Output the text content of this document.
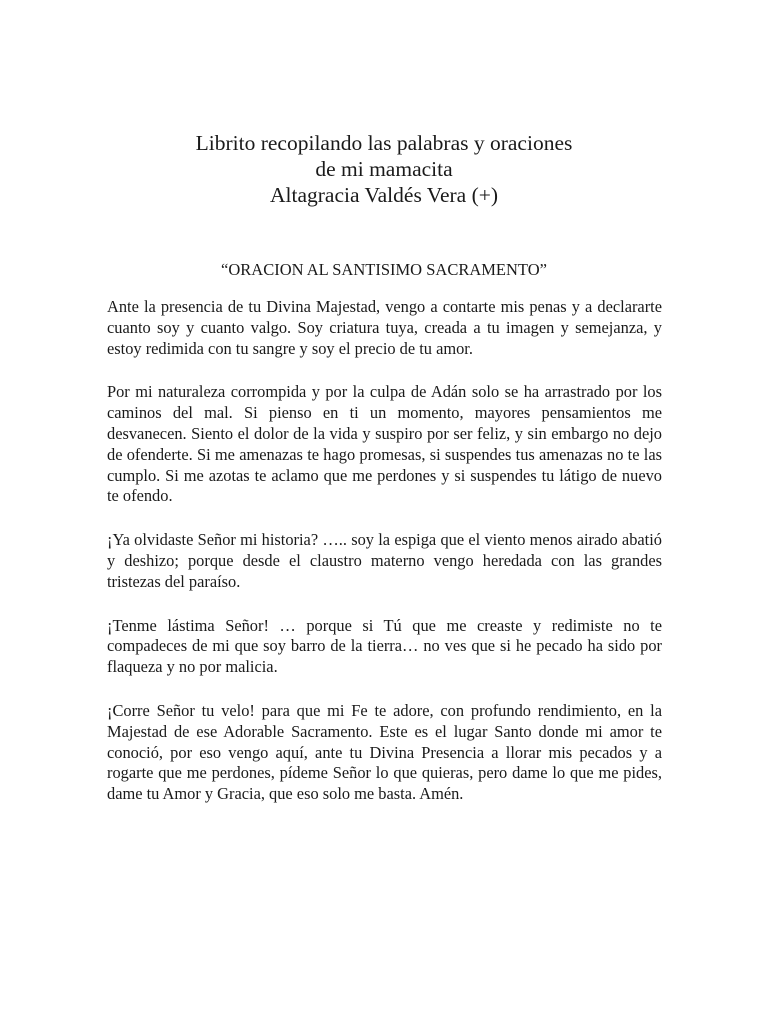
Librito recopilando las palabras y oraciones
de mi mamacita
Altagracia Valdés Vera (+)
“ORACION AL SANTISIMO SACRAMENTO”

Ante la presencia de tu Divina Majestad, vengo a contarte mis penas y a declararte cuanto soy y cuanto valgo. Soy criatura tuya, creada a tu imagen y semejanza, y estoy redimida con tu sangre y soy el precio de tu amor.

Por mi naturaleza corrompida y por la culpa de Adán solo se ha arrastrado por los caminos del mal. Si pienso en ti un momento, mayores pensamientos me desvanecen. Siento el dolor de la vida y suspiro por ser feliz, y sin embargo no dejo de ofenderte. Si me amenazas te hago promesas, si suspendes tus amenazas no te las cumplo. Si me azotas te aclamo que me perdones y si suspendes tu látigo de nuevo te ofendo.

¡Ya olvidaste Señor mi historia? ….. soy la espiga que el viento menos airado abatió y deshizo; porque desde el claustro materno vengo heredada con las grandes tristezas del paraíso.

¡Tenme lástima Señor! … porque si Tú que me creaste y redimiste no te compadeces de mi que soy barro de la tierra… no ves que si he pecado ha sido por flaqueza y no por malicia.

¡Corre Señor tu velo! para que mi Fe te adore, con profundo rendimiento, en la Majestad de ese Adorable Sacramento. Este es el lugar Santo donde mi amor te conoció, por eso vengo aquí, ante tu Divina Presencia a llorar mis pecados y a rogarte que me perdones, pídeme Señor lo que quieras, pero dame lo que me pides, dame tu Amor y Gracia, que eso solo me basta. Amén.
